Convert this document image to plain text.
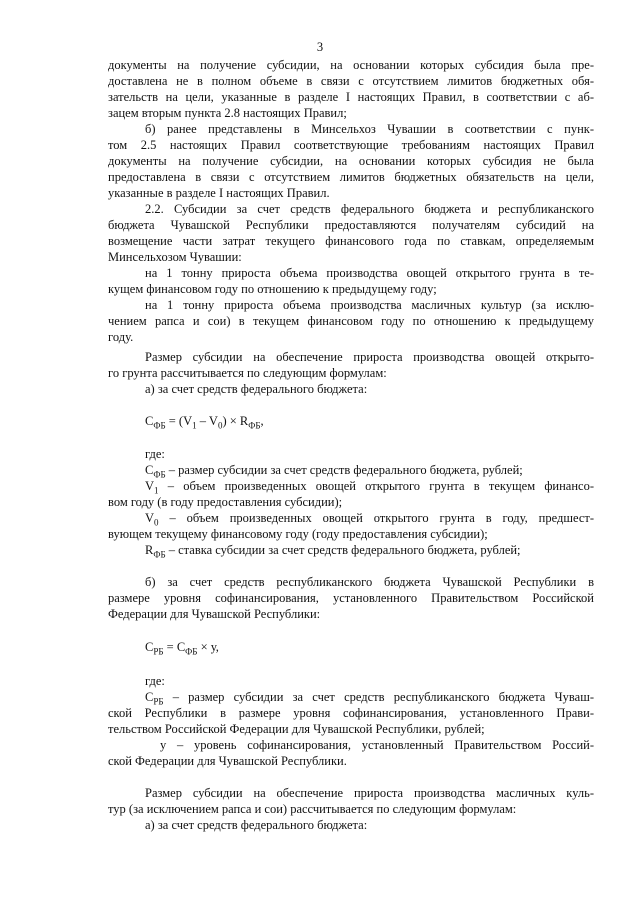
3
документы на получение субсидии, на основании которых субсидия была пре-
доставлена не в полном объеме в связи с отсутствием лимитов бюджетных обя-
зательств на цели, указанные в разделе I настоящих Правил, в соответствии с аб-
зацем вторым пункта 2.8 настоящих Правил;
б) ранее представлены в Минсельхоз Чувашии в соответствии с пунк-
том 2.5 настоящих Правил соответствующие требованиям настоящих Правил
документы на получение субсидии, на основании которых субсидия не была
предоставлена в связи с отсутствием лимитов бюджетных обязательств на цели,
указанные в разделе I настоящих Правил.
2.2. Субсидии за счет средств федерального бюджета и республиканского
бюджета Чувашской Республики предоставляются получателям субсидий на
возмещение части затрат текущего финансового года по ставкам, определяемым
Минсельхозом Чувашии:
на 1 тонну прироста объема производства овощей открытого грунта в те-
кущем финансовом году по отношению к предыдущему году;
на 1 тонну прироста объема производства масличных культур (за исклю-
чением рапса и сои) в текущем финансовом году по отношению к предыдущему
году.
Размер субсидии на обеспечение прироста производства овощей открыто-
го грунта рассчитывается по следующим формулам:
а) за счет средств федерального бюджета:
$С_{ФБ} = (V_1 - V_0) \times R_{ФБ}$,
где:
$С_{ФБ}$ – размер субсидии за счет средств федерального бюджета, рублей;
$V_1$ – объем произведенных овощей открытого грунта в текущем финансо-
вом году (в году предоставления субсидии);
$V_0$ – объем произведенных овощей открытого грунта в году, предшест-
вующем текущему финансовому году (году предоставления субсидии);
$R_{ФБ}$ – ставка субсидии за счет средств федерального бюджета, рублей;
б) за счет средств республиканского бюджета Чувашской Республики в
размере уровня софинансирования, установленного Правительством Российской
Федерации для Чувашской Республики:
$С_{РБ} = С_{ФБ} \times у$,
где:
$С_{РБ}$ – размер субсидии за счет средств республиканского бюджета Чуваш-
ской Республики в размере уровня софинансирования, установленного Прави-
тельством Российской Федерации для Чувашской Республики, рублей;
у – уровень софинансирования, установленный Правительством Россий-
ской Федерации для Чувашской Республики.
Размер субсидии на обеспечение прироста производства масличных куль-
тур (за исключением рапса и сои) рассчитывается по следующим формулам:
а) за счет средств федерального бюджета:
